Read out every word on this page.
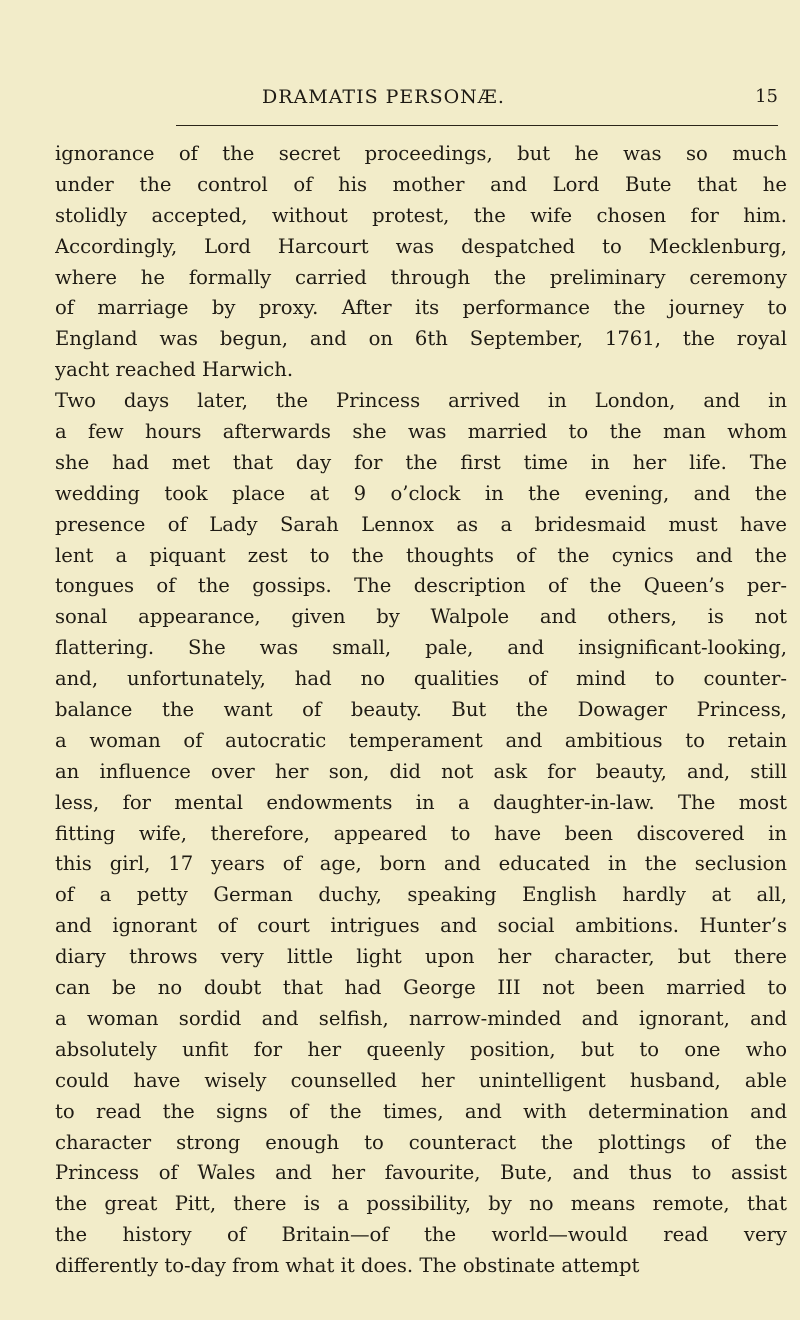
DRAMATIS PERSONÆ.	15
ignorance of the secret proceedings, but he was so much
under the control of his mother and Lord Bute that he
stolidly accepted, without protest, the wife chosen for him.
Accordingly, Lord Harcourt was despatched to Mecklenburg,
where he formally carried through the preliminary ceremony
of marriage by proxy. After its performance the journey to
England was begun, and on 6th September, 1761, the royal
yacht reached Harwich.
Two days later, the Princess arrived in London, and in
a few hours afterwards she was married to the man whom
she had met that day for the first time in her life. The
wedding took place at 9 o’clock in the evening, and the
presence of Lady Sarah Lennox as a bridesmaid must have
lent a piquant zest to the thoughts of the cynics and the
tongues of the gossips. The description of the Queen’s per-
sonal appearance, given by Walpole and others, is not
flattering. She was small, pale, and insignificant-looking,
and, unfortunately, had no qualities of mind to counter-
balance the want of beauty. But the Dowager Princess,
a woman of autocratic temperament and ambitious to retain
an influence over her son, did not ask for beauty, and, still
less, for mental endowments in a daughter-in-law. The most
fitting wife, therefore, appeared to have been discovered in
this girl, 17 years of age, born and educated in the seclusion
of a petty German duchy, speaking English hardly at all,
and ignorant of court intrigues and social ambitions. Hunter’s
diary throws very little light upon her character, but there
can be no doubt that had George III not been married to
a woman sordid and selfish, narrow-minded and ignorant, and
absolutely unfit for her queenly position, but to one who
could have wisely counselled her unintelligent husband, able
to read the signs of the times, and with determination and
character strong enough to counteract the plottings of the
Princess of Wales and her favourite, Bute, and thus to assist
the great Pitt, there is a possibility, by no means remote, that
the history of Britain—of the world—would read very
differently to-day from what it does. The obstinate attempt
